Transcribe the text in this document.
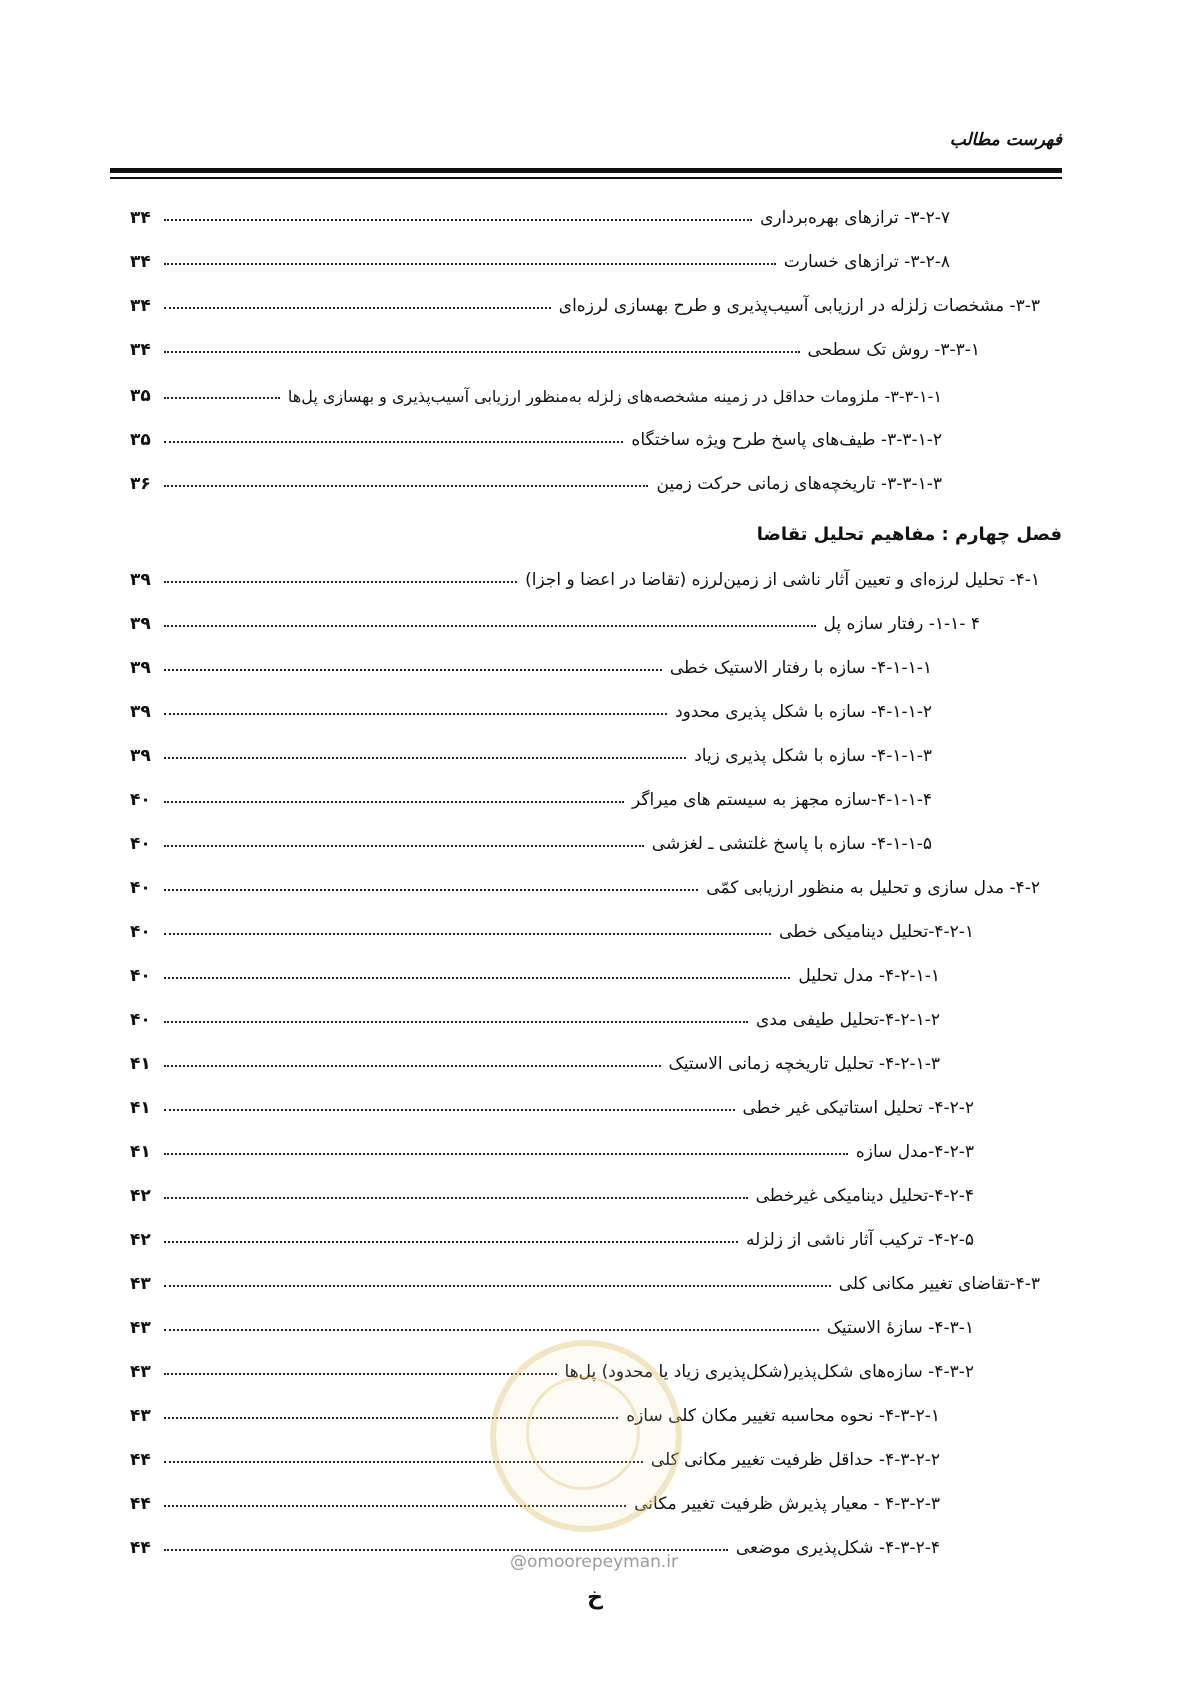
فهرست مطالب
۳-۲-۷- ترازهای بهره‌برداری
۳۴
۳-۲-۸- ترازهای خسارت
۳۴
۳-۳- مشخصات زلزله در ارزیابی آسیب‌پذیری و طرح بهسازی لرزه‌ای
۳۴
۳-۳-۱- روش تک سطحی
۳۴
۳-۳-۱-۱- ملزومات حداقل در زمینه مشخصه‌های زلزله به‌منظور ارزیابی آسیب‌پذیری و بهسازی پل‌ها
۳۵
۳-۳-۱-۲- طیف‌های پاسخ طرح ویژه ساختگاه
۳۵
۳-۳-۱-۳- تاریخچه‌های زمانی حرکت زمین
۳۶
فصل چهارم : مفاهیم تحلیل تقاضا
۴-۱- تحلیل لرزه‌ای و تعیین آثار ناشی از زمین‌لرزه (تقاضا در اعضا و اجزا)
۳۹
۴ -۱-۱- رفتار سازه پل
۳۹
۴-۱-۱-۱- سازه با رفتار الاستیک خطی
۳۹
۴-۱-۱-۲- سازه با شکل پذیری محدود
۳۹
۴-۱-۱-۳- سازه با شکل پذیری زیاد
۳۹
۴-۱-۱-۴-سازه مجهز به سیستم های میراگر
۴۰
۴-۱-۱-۵- سازه با پاسخ غلتشی ـ لغزشی
۴۰
۴-۲- مدل سازی و تحلیل به منظور ارزیابی کمّی
۴۰
۴-۲-۱-تحلیل دینامیکی خطی
۴۰
۴-۲-۱-۱- مدل تحلیل
۴۰
۴-۲-۱-۲-تحلیل طیفی مدی
۴۰
۴-۲-۱-۳- تحلیل تاریخچه زمانی الاستیک
۴۱
۴-۲-۲- تحلیل استاتیکی غیر خطی
۴۱
۴-۲-۳-مدل سازه
۴۱
۴-۲-۴-تحلیل دینامیکی غیرخطی
۴۲
۴-۲-۵- ترکیب آثار ناشی از زلزله
۴۲
۴-۳-تقاضای تغییر مکانی کلی
۴۳
۴-۳-۱- سازۀ الاستیک
۴۳
۴-۳-۲- سازه‌های شکل‌پذیر(شکل‌پذیری زیاد یا محدود) پل‌ها
۴۳
۴-۳-۲-۱- نحوه محاسبه تغییر مکان کلی سازه
۴۳
۴-۳-۲-۲- حداقل ظرفیت تغییر مکانی کلی
۴۴
۴-۳-۲-۳ - معیار پذیرش ظرفیت تغییر مکانی
۴۴
۴-۳-۲-۴- شکل‌پذیری موضعی
۴۴
@omoorepeyman.ir
خ
